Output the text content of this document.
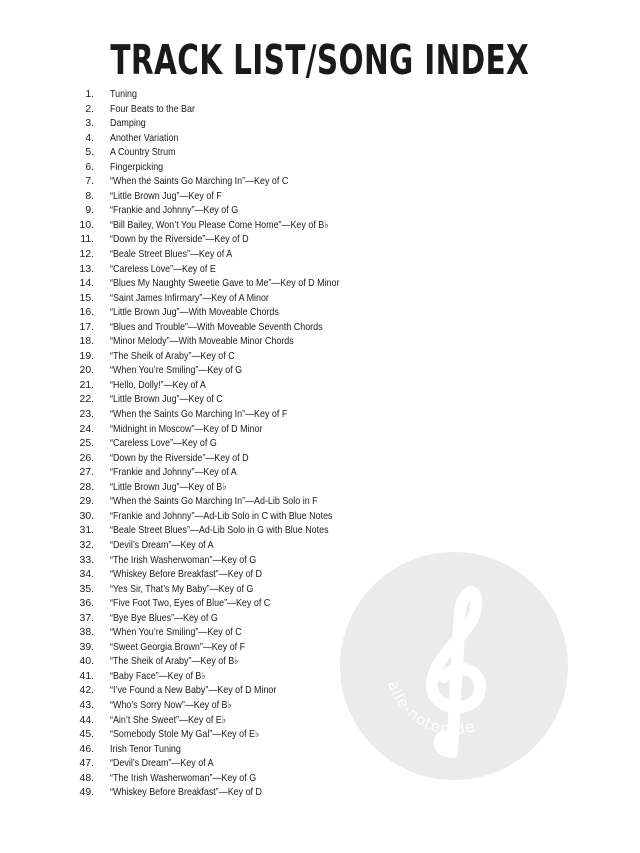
TRACK LIST/SONG INDEX
alle-noten.de
1. Tuning
2. Four Beats to the Bar
3. Damping
4. Another Variation
5. A Country Strum
6. Fingerpicking
7. “When the Saints Go Marching In”—Key of C
8. “Little Brown Jug”—Key of F
9. “Frankie and Johnny”—Key of G
10. “Bill Bailey, Won’t You Please Come Home”—Key of B♭
11. “Down by the Riverside”—Key of D
12. “Beale Street Blues”—Key of A
13. “Careless Love”—Key of E
14. “Blues My Naughty Sweetie Gave to Me”—Key of D Minor
15. “Saint James Infirmary”—Key of A Minor
16. “Little Brown Jug”—With Moveable Chords
17. “Blues and Trouble”—With Moveable Seventh Chords
18. “Minor Melody”—With Moveable Minor Chords
19. “The Sheik of Araby”—Key of C
20. “When You’re Smiling”—Key of G
21. “Hello, Dolly!”—Key of A
22. “Little Brown Jug”—Key of C
23. “When the Saints Go Marching In”—Key of F
24. “Midnight in Moscow”—Key of D Minor
25. “Careless Love”—Key of G
26. “Down by the Riverside”—Key of D
27. “Frankie and Johnny”—Key of A
28. “Little Brown Jug”—Key of B♭
29. “When the Saints Go Marching In”—Ad-Lib Solo in F
30. “Frankie and Johnny”—Ad-Lib Solo in C with Blue Notes
31. “Beale Street Blues”—Ad-Lib Solo in G with Blue Notes
32. “Devil’s Dream”—Key of A
33. “The Irish Washerwoman”—Key of G
34. “Whiskey Before Breakfast”—Key of D
35. “Yes Sir, That’s My Baby”—Key of G
36. “Five Foot Two, Eyes of Blue”—Key of C
37. “Bye Bye Blues”—Key of G
38. “When You’re Smiling”—Key of C
39. “Sweet Georgia Brown”—Key of F
40. “The Sheik of Araby”—Key of B♭
41. “Baby Face”—Key of B♭
42. “I’ve Found a New Baby”—Key of D Minor
43. “Who’s Sorry Now”—Key of B♭
44. “Ain’t She Sweet”—Key of E♭
45. “Somebody Stole My Gal”—Key of E♭
46. Irish Tenor Tuning
47. “Devil’s Dream”—Key of A
48. “The Irish Washerwoman”—Key of G
49. “Whiskey Before Breakfast”—Key of D
